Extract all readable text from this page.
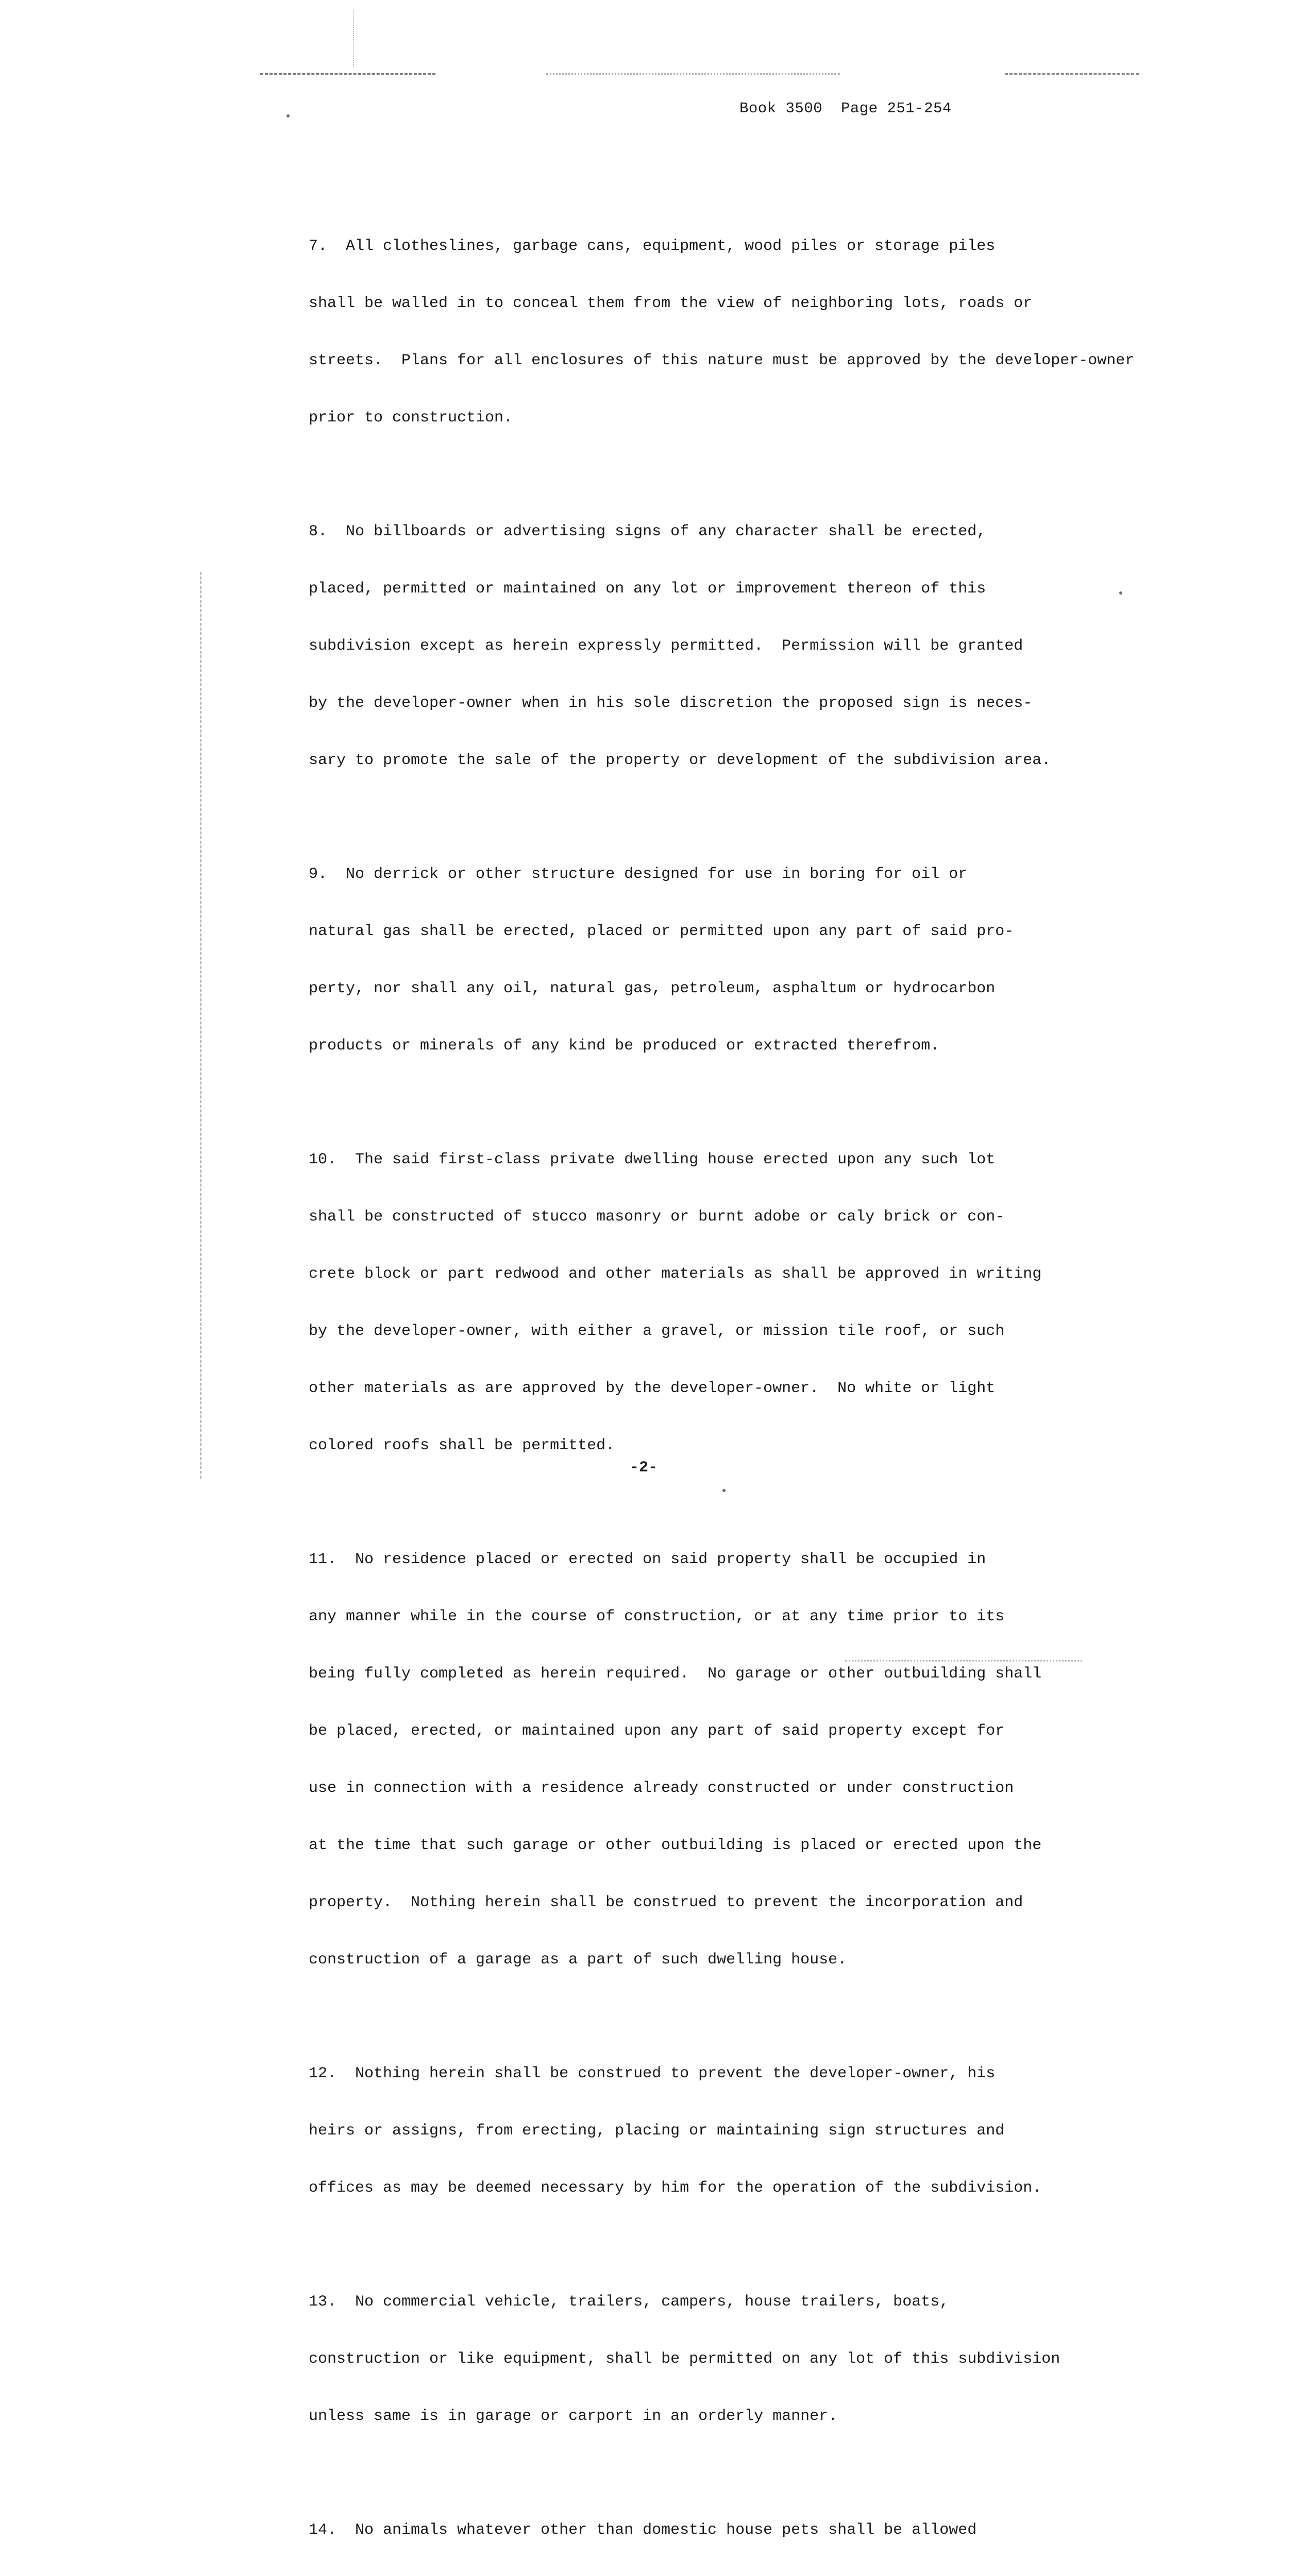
Book 3500 Page 251-254

7.  All clotheslines, garbage cans, equipment, wood piles or storage piles

shall be walled in to conceal them from the view of neighboring lots, roads or

streets.  Plans for all enclosures of this nature must be approved by the developer-owner

prior to construction.

8.  No billboards or advertising signs of any character shall be erected,

placed, permitted or maintained on any lot or improvement thereon of this

subdivision except as herein expressly permitted.  Permission will be granted

by the developer-owner when in his sole discretion the proposed sign is neces-

sary to promote the sale of the property or development of the subdivision area.

9.  No derrick or other structure designed for use in boring for oil or

natural gas shall be erected, placed or permitted upon any part of said pro-

perty, nor shall any oil, natural gas, petroleum, asphaltum or hydrocarbon

products or minerals of any kind be produced or extracted therefrom.

10.  The said first-class private dwelling house erected upon any such lot

shall be constructed of stucco masonry or burnt adobe or caly brick or con-

crete block or part redwood and other materials as shall be approved in writing

by the developer-owner, with either a gravel, or mission tile roof, or such

other materials as are approved by the developer-owner.  No white or light

colored roofs shall be permitted.

11.  No residence placed or erected on said property shall be occupied in

any manner while in the course of construction, or at any time prior to its

being fully completed as herein required.  No garage or other outbuilding shall

be placed, erected, or maintained upon any part of said property except for

use in connection with a residence already constructed or under construction

at the time that such garage or other outbuilding is placed or erected upon the

property.  Nothing herein shall be construed to prevent the incorporation and

construction of a garage as a part of such dwelling house.

12.  Nothing herein shall be construed to prevent the developer-owner, his

heirs or assigns, from erecting, placing or maintaining sign structures and

offices as may be deemed necessary by him for the operation of the subdivision.

13.  No commercial vehicle, trailers, campers, house trailers, boats,

construction or like equipment, shall be permitted on any lot of this subdivision

unless same is in garage or carport in an orderly manner.

14.  No animals whatever other than domestic house pets shall be allowed

-2-
